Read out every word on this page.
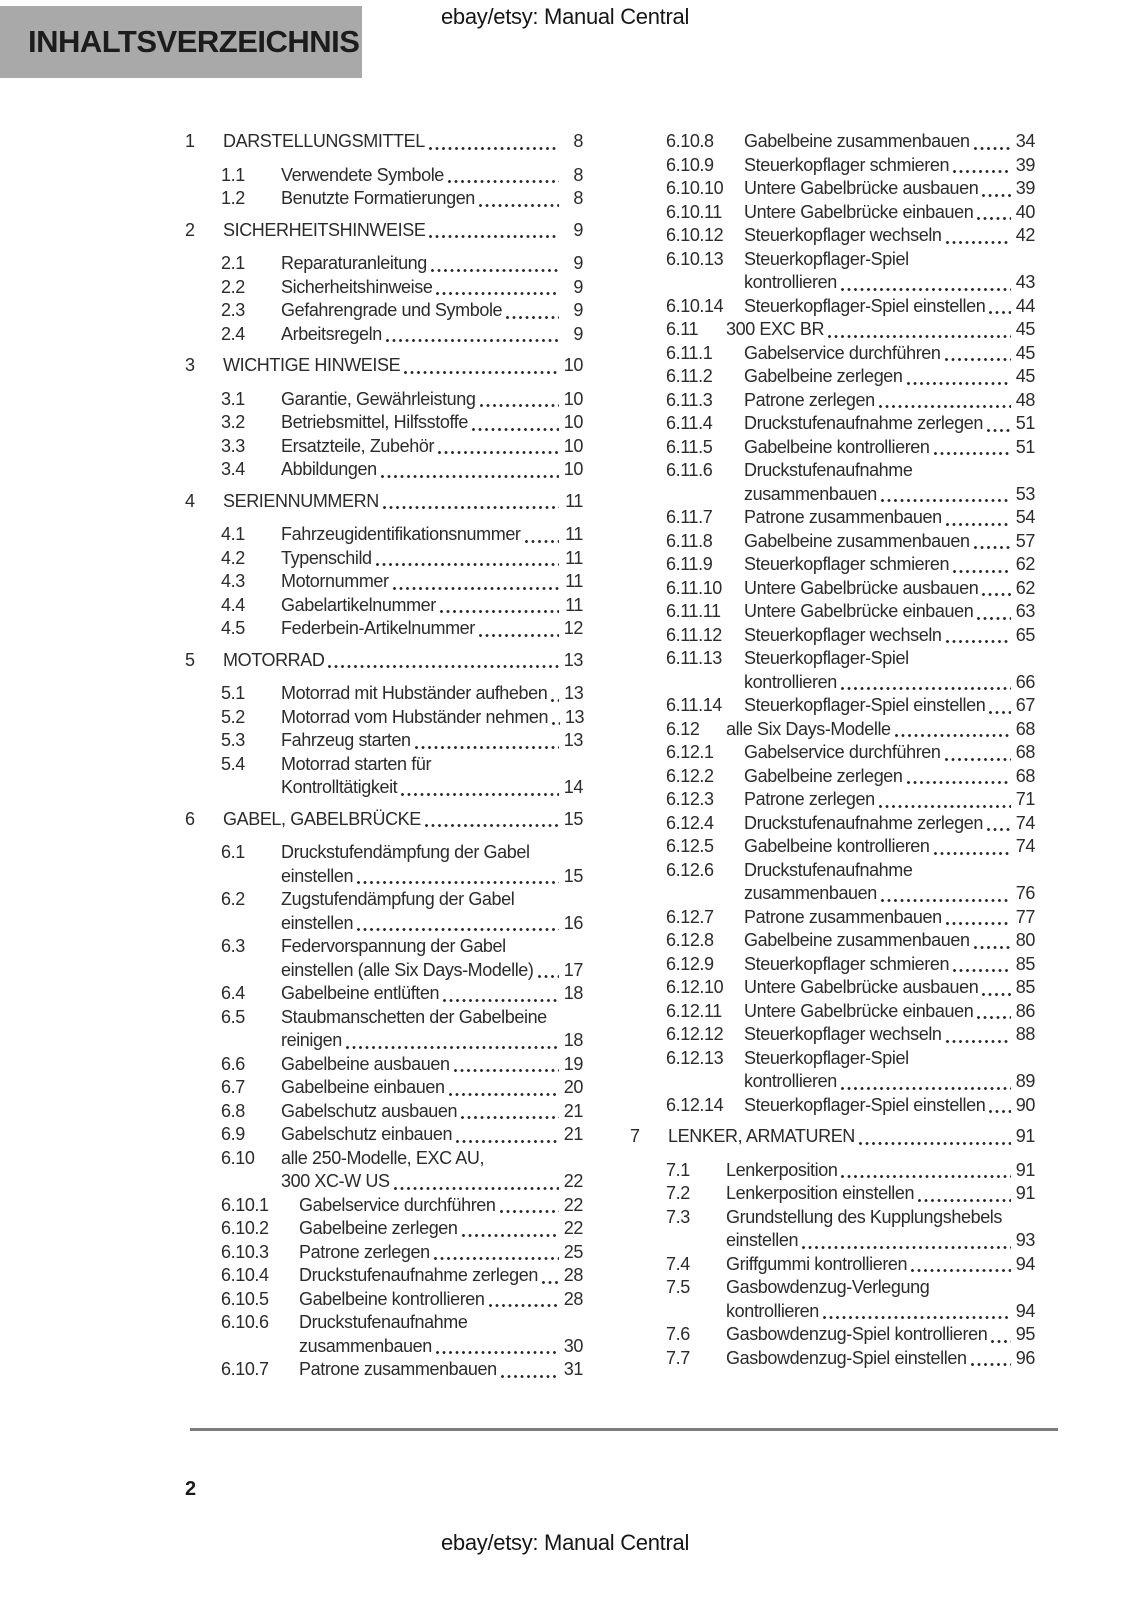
ebay/etsy: Manual Central
INHALTSVERZEICHNIS
1	DARSTELLUNGSMITTEL	8
1.1	Verwendete Symbole	8
1.2	Benutzte Formatierungen	8
2	SICHERHEITSHINWEISE	9
2.1	Reparaturanleitung	9
2.2	Sicherheitshinweise	9
2.3	Gefahrengrade und Symbole	9
2.4	Arbeitsregeln	9
3	WICHTIGE HINWEISE	10
3.1	Garantie, Gewährleistung	10
3.2	Betriebsmittel, Hilfsstoffe	10
3.3	Ersatzteile, Zubehör	10
3.4	Abbildungen	10
4	SERIENNUMMERN	11
4.1	Fahrzeugidentifikationsnummer 11
4.2	Typenschild	11
4.3	Motornummer	11
4.4	Gabelartikelnummer	11
4.5	Federbein-Artikelnummer	12
5	MOTORRAD	13
5.1	Motorrad mit Hubständer aufheben 13
5.2	Motorrad vom Hubständer nehmen 13
5.3	Fahrzeug starten	13
5.4	Motorrad starten für
Kontrolltätigkeit	14
6	GABEL, GABELBRÜCKE	15
6.1	Druckstufendämpfung der Gabel
einstellen	15
6.2	Zugstufendämpfung der Gabel
einstellen	16
6.3	Federvorspannung der Gabel
einstellen (alle Six Days-Modelle) 17
6.4	Gabelbeine entlüften	18
6.5	Staubmanschetten der Gabelbeine
reinigen	18
6.6	Gabelbeine ausbauen	19
6.7	Gabelbeine einbauen	20
6.8	Gabelschutz ausbauen	21
6.9	Gabelschutz einbauen	21
6.10	alle 250-Modelle, EXC AU,
300 XC-W US	22
6.10.1	Gabelservice durchführen	22
6.10.2	Gabelbeine zerlegen	22
6.10.3	Patrone zerlegen	25
6.10.4	Druckstufenaufnahme zerlegen 28
6.10.5	Gabelbeine kontrollieren	28
6.10.6	Druckstufenaufnahme
zusammenbauen	30
6.10.7	Patrone zusammenbauen	31
6.10.8	Gabelbeine zusammenbauen	34
6.10.9	Steuerkopflager schmieren	39
6.10.10	Untere Gabelbrücke ausbauen 39
6.10.11	Untere Gabelbrücke einbauen 40
6.10.12	Steuerkopflager wechseln	42
6.10.13	Steuerkopflager-Spiel
kontrollieren	43
6.10.14	Steuerkopflager-Spiel einstellen 44
6.11	300 EXC BR	45
6.11.1	Gabelservice durchführen	45
6.11.2	Gabelbeine zerlegen	45
6.11.3	Patrone zerlegen	48
6.11.4	Druckstufenaufnahme zerlegen 51
6.11.5	Gabelbeine kontrollieren	51
6.11.6	Druckstufenaufnahme
zusammenbauen	53
6.11.7	Patrone zusammenbauen	54
6.11.8	Gabelbeine zusammenbauen	57
6.11.9	Steuerkopflager schmieren	62
6.11.10	Untere Gabelbrücke ausbauen 62
6.11.11	Untere Gabelbrücke einbauen 63
6.11.12	Steuerkopflager wechseln	65
6.11.13	Steuerkopflager-Spiel
kontrollieren	66
6.11.14	Steuerkopflager-Spiel einstellen 67
6.12	alle Six Days-Modelle	68
6.12.1	Gabelservice durchführen	68
6.12.2	Gabelbeine zerlegen	68
6.12.3	Patrone zerlegen	71
6.12.4	Druckstufenaufnahme zerlegen 74
6.12.5	Gabelbeine kontrollieren	74
6.12.6	Druckstufenaufnahme
zusammenbauen	76
6.12.7	Patrone zusammenbauen	77
6.12.8	Gabelbeine zusammenbauen	80
6.12.9	Steuerkopflager schmieren	85
6.12.10	Untere Gabelbrücke ausbauen 85
6.12.11	Untere Gabelbrücke einbauen 86
6.12.12	Steuerkopflager wechseln	88
6.12.13	Steuerkopflager-Spiel
kontrollieren	89
6.12.14	Steuerkopflager-Spiel einstellen 90
7	LENKER, ARMATUREN	91
7.1	Lenkerposition	91
7.2	Lenkerposition einstellen	91
7.3	Grundstellung des Kupplungshebels
einstellen	93
7.4	Griffgummi kontrollieren	94
7.5	Gasbowdenzug-Verlegung
kontrollieren	94
7.6	Gasbowdenzug-Spiel kontrollieren 95
7.7	Gasbowdenzug-Spiel einstellen	96
2
ebay/etsy: Manual Central
